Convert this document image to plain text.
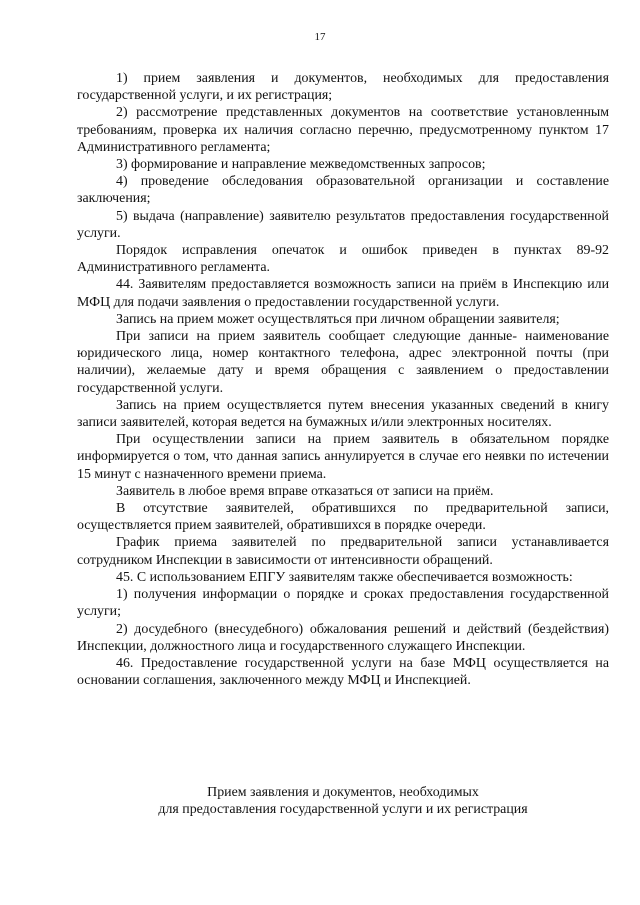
17

1) прием заявления и документов, необходимых для предоставления государственной услуги, и их регистрация;

2) рассмотрение представленных документов на соответствие установленным требованиям, проверка их наличия согласно перечню, предусмотренному пунктом 17 Административного регламента;

3) формирование и направление межведомственных запросов;

4) проведение обследования образовательной организации и составление заключения;

5) выдача (направление) заявителю результатов предоставления государственной услуги.

Порядок исправления опечаток и ошибок приведен в пунктах 89-92 Административного регламента.

44. Заявителям предоставляется возможность записи на приём в Инспекцию или МФЦ для подачи заявления о предоставлении государственной услуги.

Запись на прием может осуществляться при личном обращении заявителя;

При записи на прием заявитель сообщает следующие данные- наименование юридического лица, номер контактного телефона, адрес электронной почты (при наличии), желаемые дату и время обращения с заявлением о предоставлении государственной услуги.

Запись на прием осуществляется путем внесения указанных сведений в книгу записи заявителей, которая ведется на бумажных и/или электронных носителях.

При осуществлении записи на прием заявитель в обязательном порядке информируется о том, что данная запись аннулируется в случае его неявки по истечении 15 минут с назначенного времени приема.

Заявитель в любое время вправе отказаться от записи на приём.

В отсутствие заявителей, обратившихся по предварительной записи, осуществляется прием заявителей, обратившихся в порядке очереди.

График приема заявителей по предварительной записи устанавливается сотрудником Инспекции в зависимости от интенсивности обращений.

45. С использованием ЕПГУ заявителям также обеспечивается возможность:

1) получения информации о порядке и сроках предоставления государственной услуги;

2) досудебного (внесудебного) обжалования решений и действий (бездействия) Инспекции, должностного лица и государственного служащего Инспекции.

46. Предоставление государственной услуги на базе МФЦ осуществляется на основании соглашения, заключенного между МФЦ и Инспекцией.

Прием заявления и документов, необходимых
для предоставления государственной услуги и их регистрация
